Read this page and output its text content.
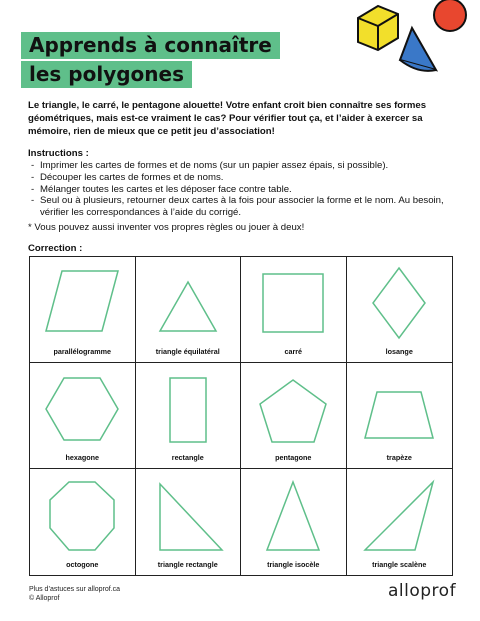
Apprends à connaître
les polygones
Le triangle, le carré, le pentagone alouette! Votre enfant croit bien connaître ses formes géométriques, mais est-ce vraiment le cas? Pour vérifier tout ça, et l’aider à exercer sa mémoire, rien de mieux que ce petit jeu d’association!
Instructions :
- Imprimer les cartes de formes et de noms (sur un papier assez épais, si possible).
- Découper les cartes de formes et de noms.
- Mélanger toutes les cartes et les déposer face contre table.
- Seul ou à plusieurs, retourner deux cartes à la fois pour associer la forme et le nom. Au besoin, vérifier les correspondances à l’aide du corrigé.
* Vous pouvez aussi inventer vos propres règles ou jouer à deux!
Correction :
parallélogramme	triangle équilatéral	carré	losange
hexagone	rectangle	pentagone	trapèze
octogone	triangle rectangle	triangle isocèle	triangle scalène
Plus d’astuces sur alloprof.ca
© Alloprof	alloprof
